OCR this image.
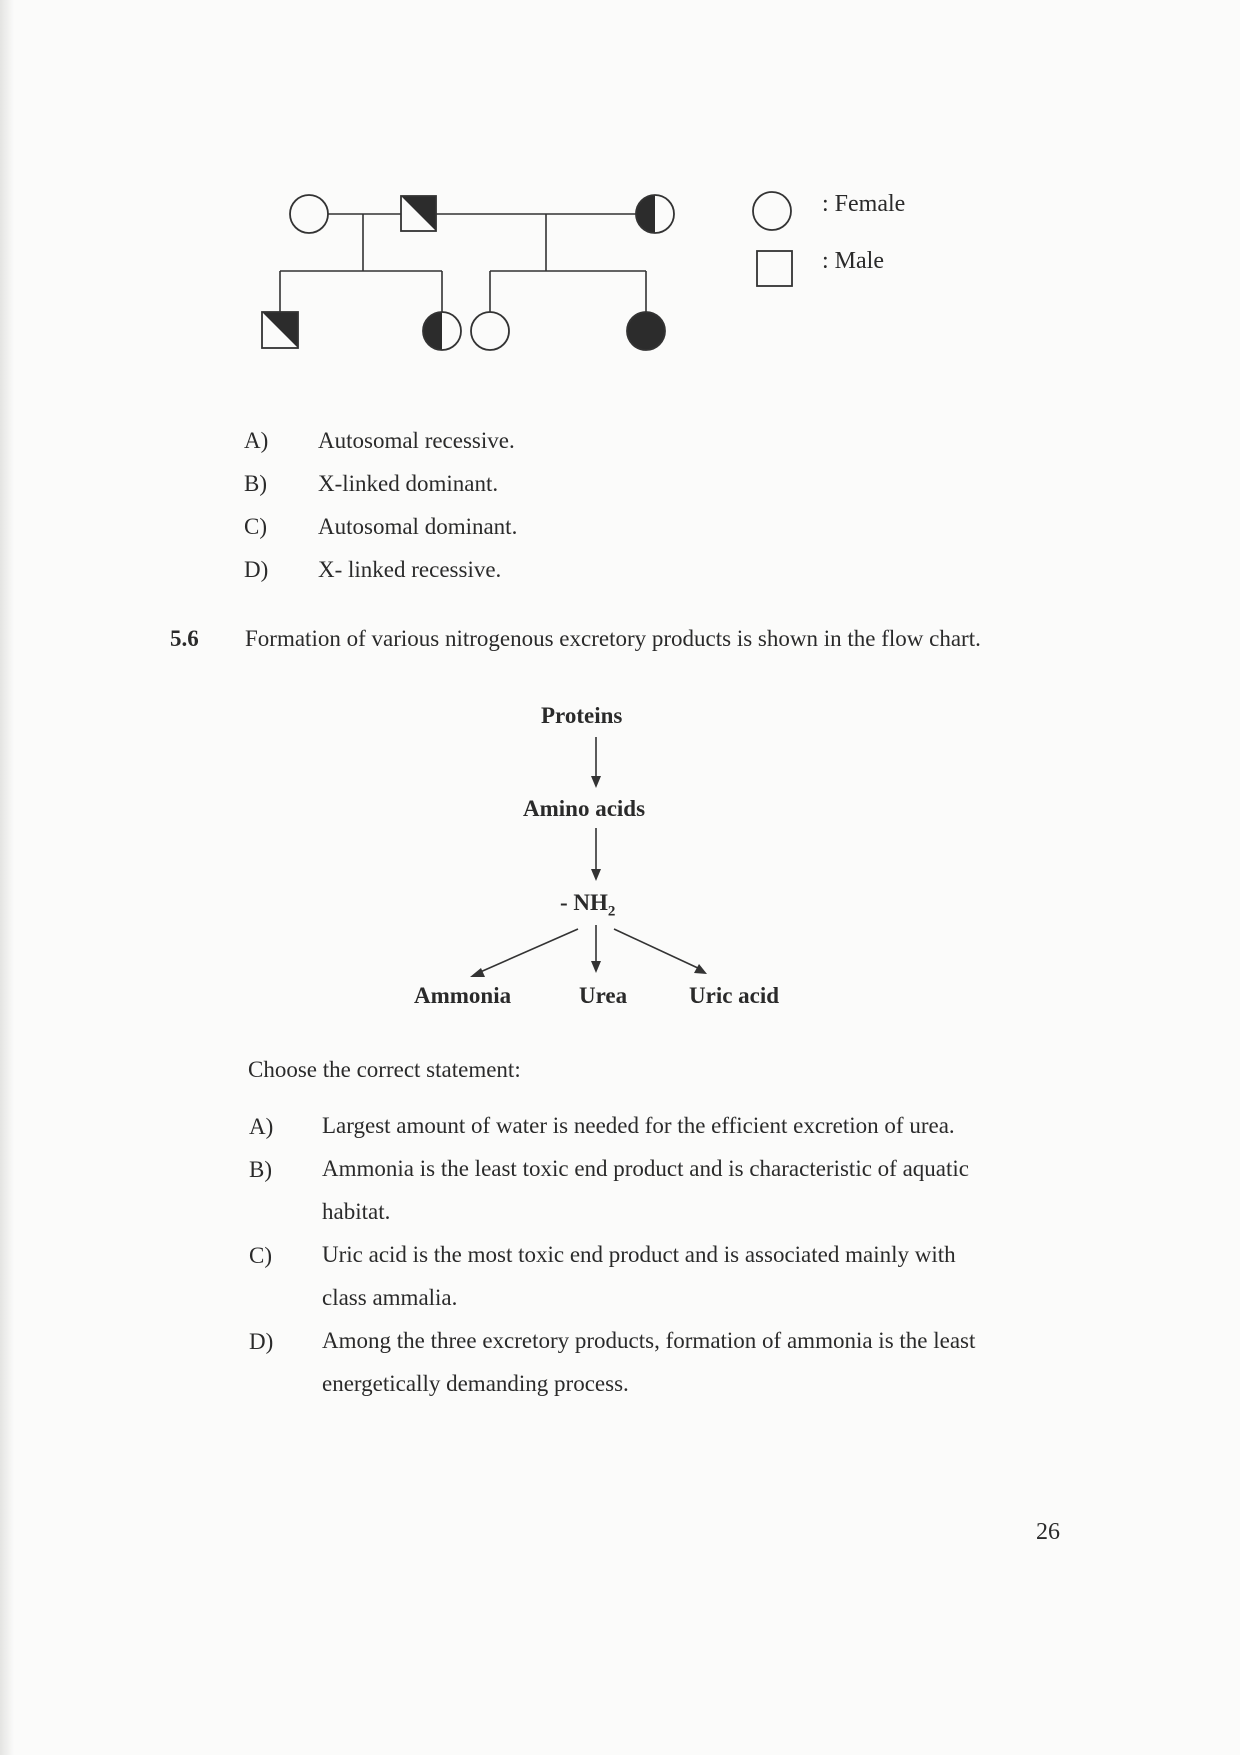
: Female
: Male
A) Autosomal recessive.
B) X-linked dominant.
C) Autosomal dominant.
D) X- linked recessive.
5.6 Formation of various nitrogenous excretory products is shown in the flow chart.
Proteins
Amino acids
- $NH_2$
Ammonia	Urea	Uric acid
Choose the correct statement:
A) Largest amount of water is needed for the efficient excretion of urea.
B) Ammonia is the least toxic end product and is characteristic of aquatic habitat.
C) Uric acid is the most toxic end product and is associated mainly with class ammalia.
D) Among the three excretory products, formation of ammonia is the least energetically demanding process.
26
